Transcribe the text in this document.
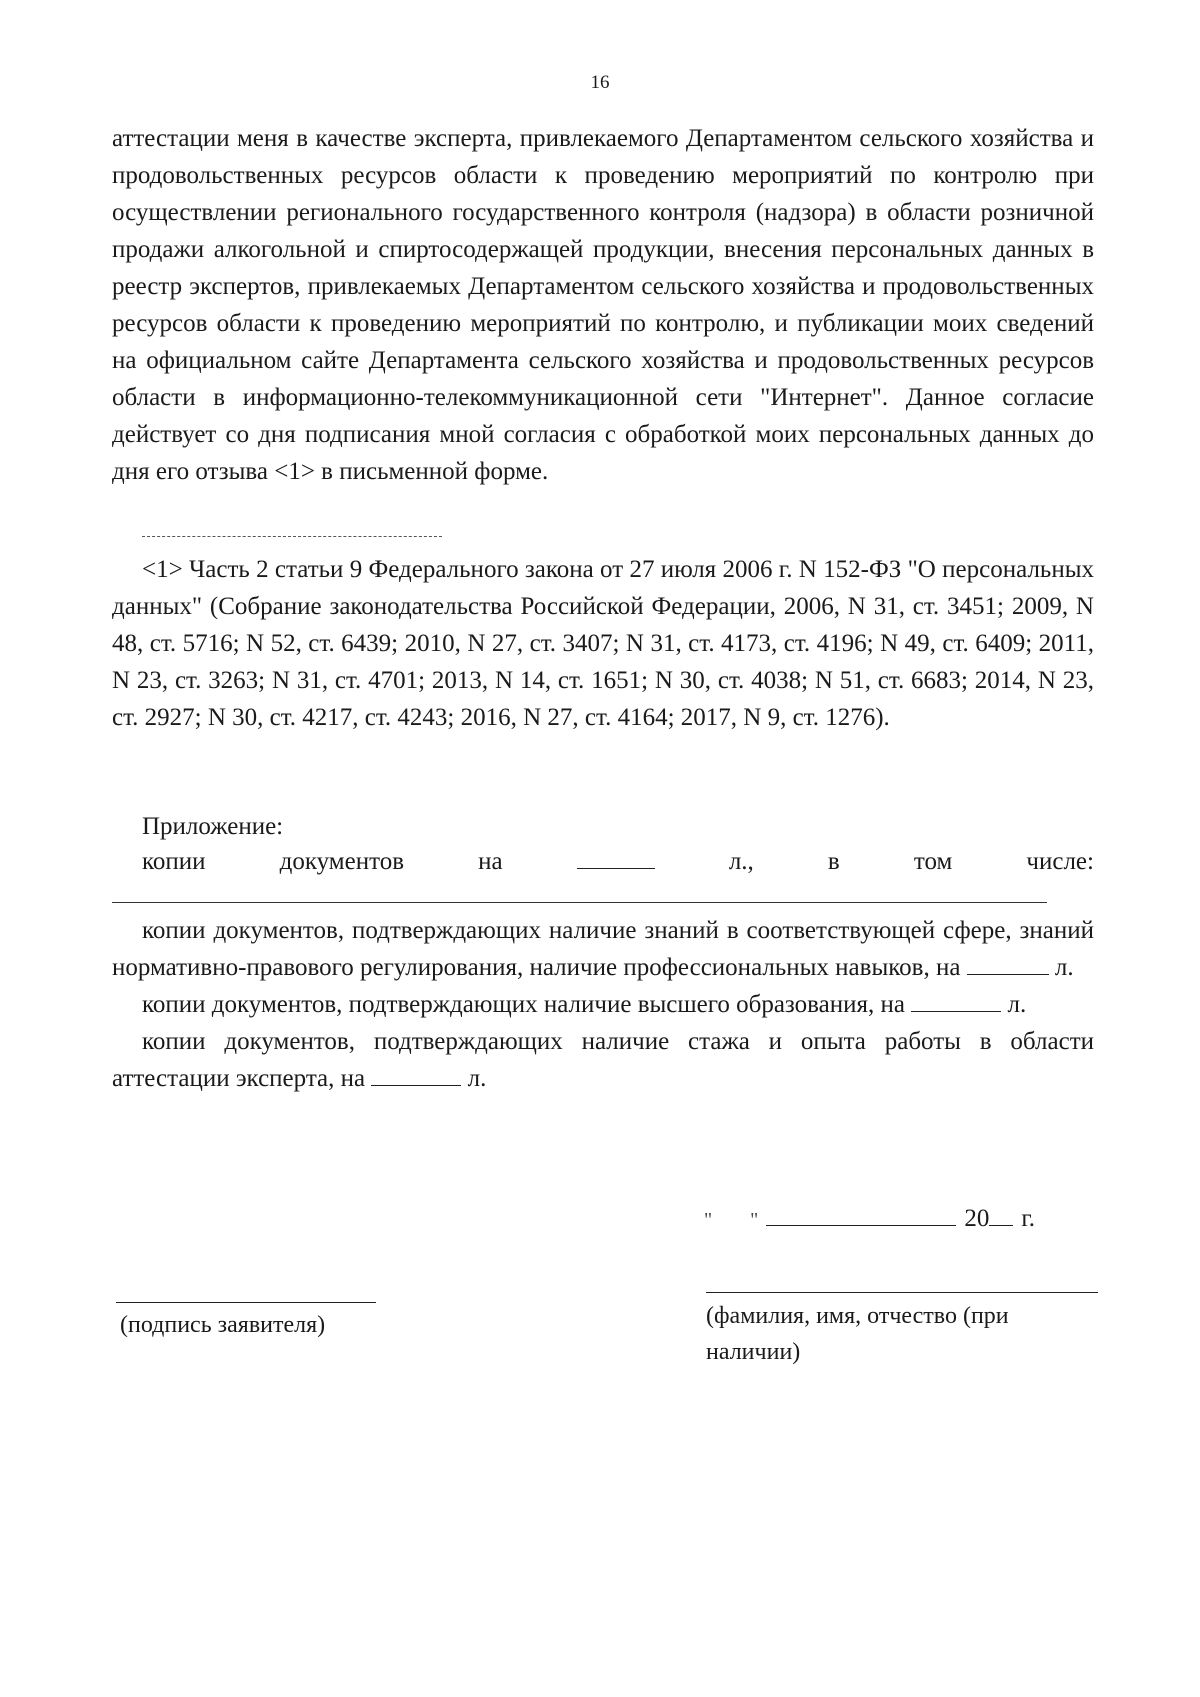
16

аттестации меня в качестве эксперта, привлекаемого Департаментом сельского хозяйства и продовольственных ресурсов области к проведению мероприятий по контролю при осуществлении регионального государственного контроля (надзора) в области розничной продажи алкогольной и спиртосодержащей продукции, внесения персональных данных в реестр экспертов, привлекаемых Департаментом сельского хозяйства и продовольственных ресурсов области к проведению мероприятий по контролю, и публикации моих сведений на официальном сайте Департамента сельского хозяйства и продовольственных ресурсов области в информационно-телекоммуникационной сети "Интернет". Данное согласие действует со дня подписания мной согласия с обработкой моих персональных данных до дня его отзыва <1> в письменной форме.

<1> Часть 2 статьи 9 Федерального закона от 27 июля 2006 г. N 152-ФЗ "О персональных данных" (Собрание законодательства Российской Федерации, 2006, N 31, ст. 3451; 2009, N 48, ст. 5716; N 52, ст. 6439; 2010, N 27, ст. 3407; N 31, ст. 4173, ст. 4196; N 49, ст. 6409; 2011, N 23, ст. 3263; N 31, ст. 4701; 2013, N 14, ст. 1651; N 30, ст. 4038; N 51, ст. 6683; 2014, N 23, ст. 2927; N 30, ст. 4217, ст. 4243; 2016, N 27, ст. 4164; 2017, N 9, ст. 1276).

Приложение:
копии	документов	на	л.,	в	том	числе:

копии документов, подтверждающих наличие знаний в соответствующей сфере, знаний нормативно-правового регулирования, наличие профессиональных навыков, на	л.

копии документов, подтверждающих наличие высшего образования, на	л.

копии документов, подтверждающих наличие стажа и опыта работы в области аттестации эксперта, на	л.

" "	20 г.
(подпись заявителя)	(фамилия, имя, отчество (при наличии)
